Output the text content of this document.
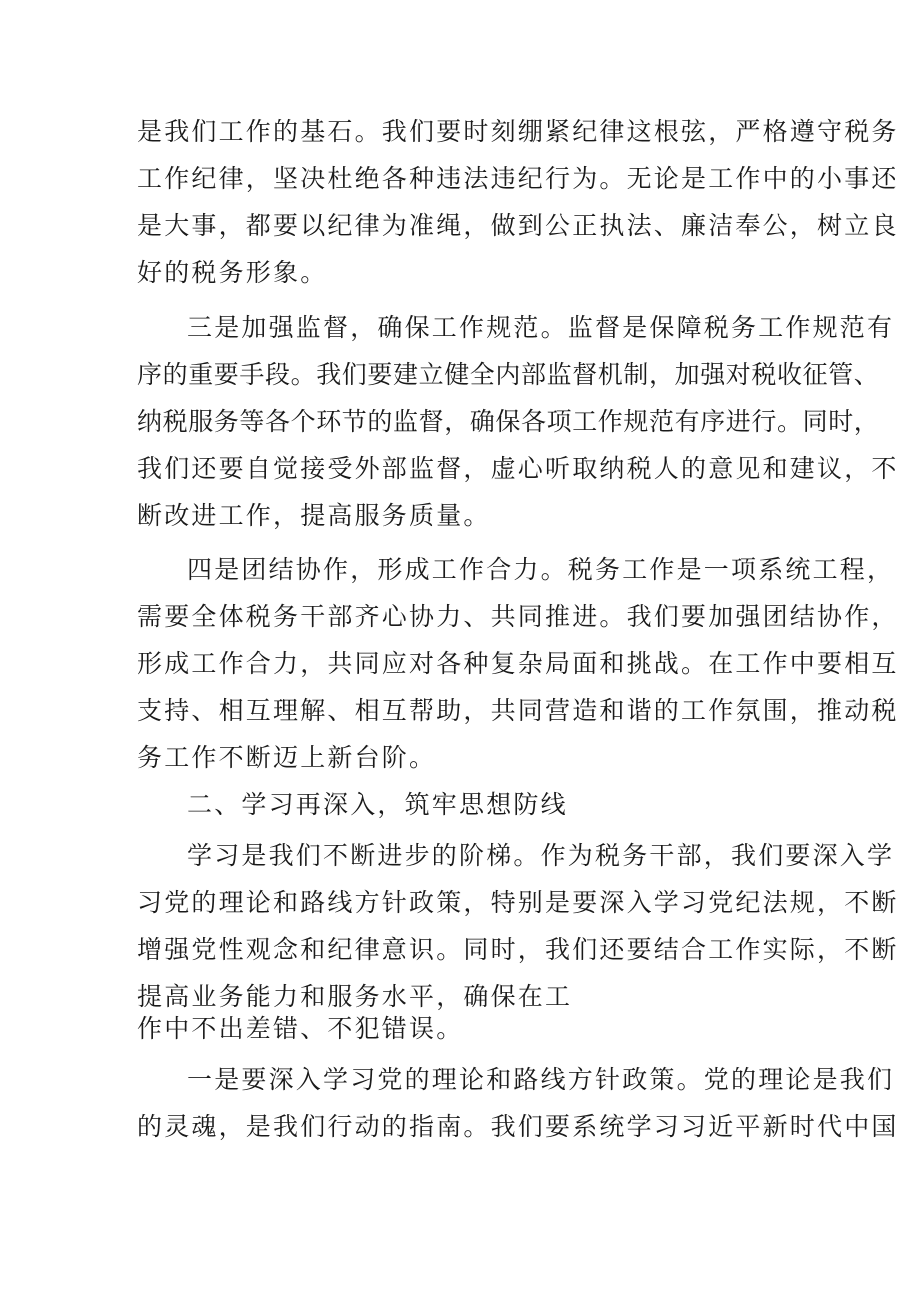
是我们工作的基石。我们要时刻绷紧纪律这根弦，严格遵守税务
工作纪律，坚决杜绝各种违法违纪行为。无论是工作中的小事还
是大事，都要以纪律为准绳，做到公正执法、廉洁奉公，树立良
好的税务形象。
三是加强监督，确保工作规范。监督是保障税务工作规范有
序的重要手段。我们要建立健全内部监督机制，加强对税收征管、
纳税服务等各个环节的监督，确保各项工作规范有序进行。同时，
我们还要自觉接受外部监督，虚心听取纳税人的意见和建议，不
断改进工作，提高服务质量。
四是团结协作，形成工作合力。税务工作是一项系统工程，
需要全体税务干部齐心协力、共同推进。我们要加强团结协作，
形成工作合力，共同应对各种复杂局面和挑战。在工作中要相互
支持、相互理解、相互帮助，共同营造和谐的工作氛围，推动税
务工作不断迈上新台阶。
二、学习再深入，筑牢思想防线
学习是我们不断进步的阶梯。作为税务干部，我们要深入学
习党的理论和路线方针政策，特别是要深入学习党纪法规，不断
增强党性观念和纪律意识。同时，我们还要结合工作实际，不断
提高业务能力和服务水平，确保在工
作中不出差错、不犯错误。
一是要深入学习党的理论和路线方针政策。党的理论是我们
的灵魂，是我们行动的指南。我们要系统学习习近平新时代中国
